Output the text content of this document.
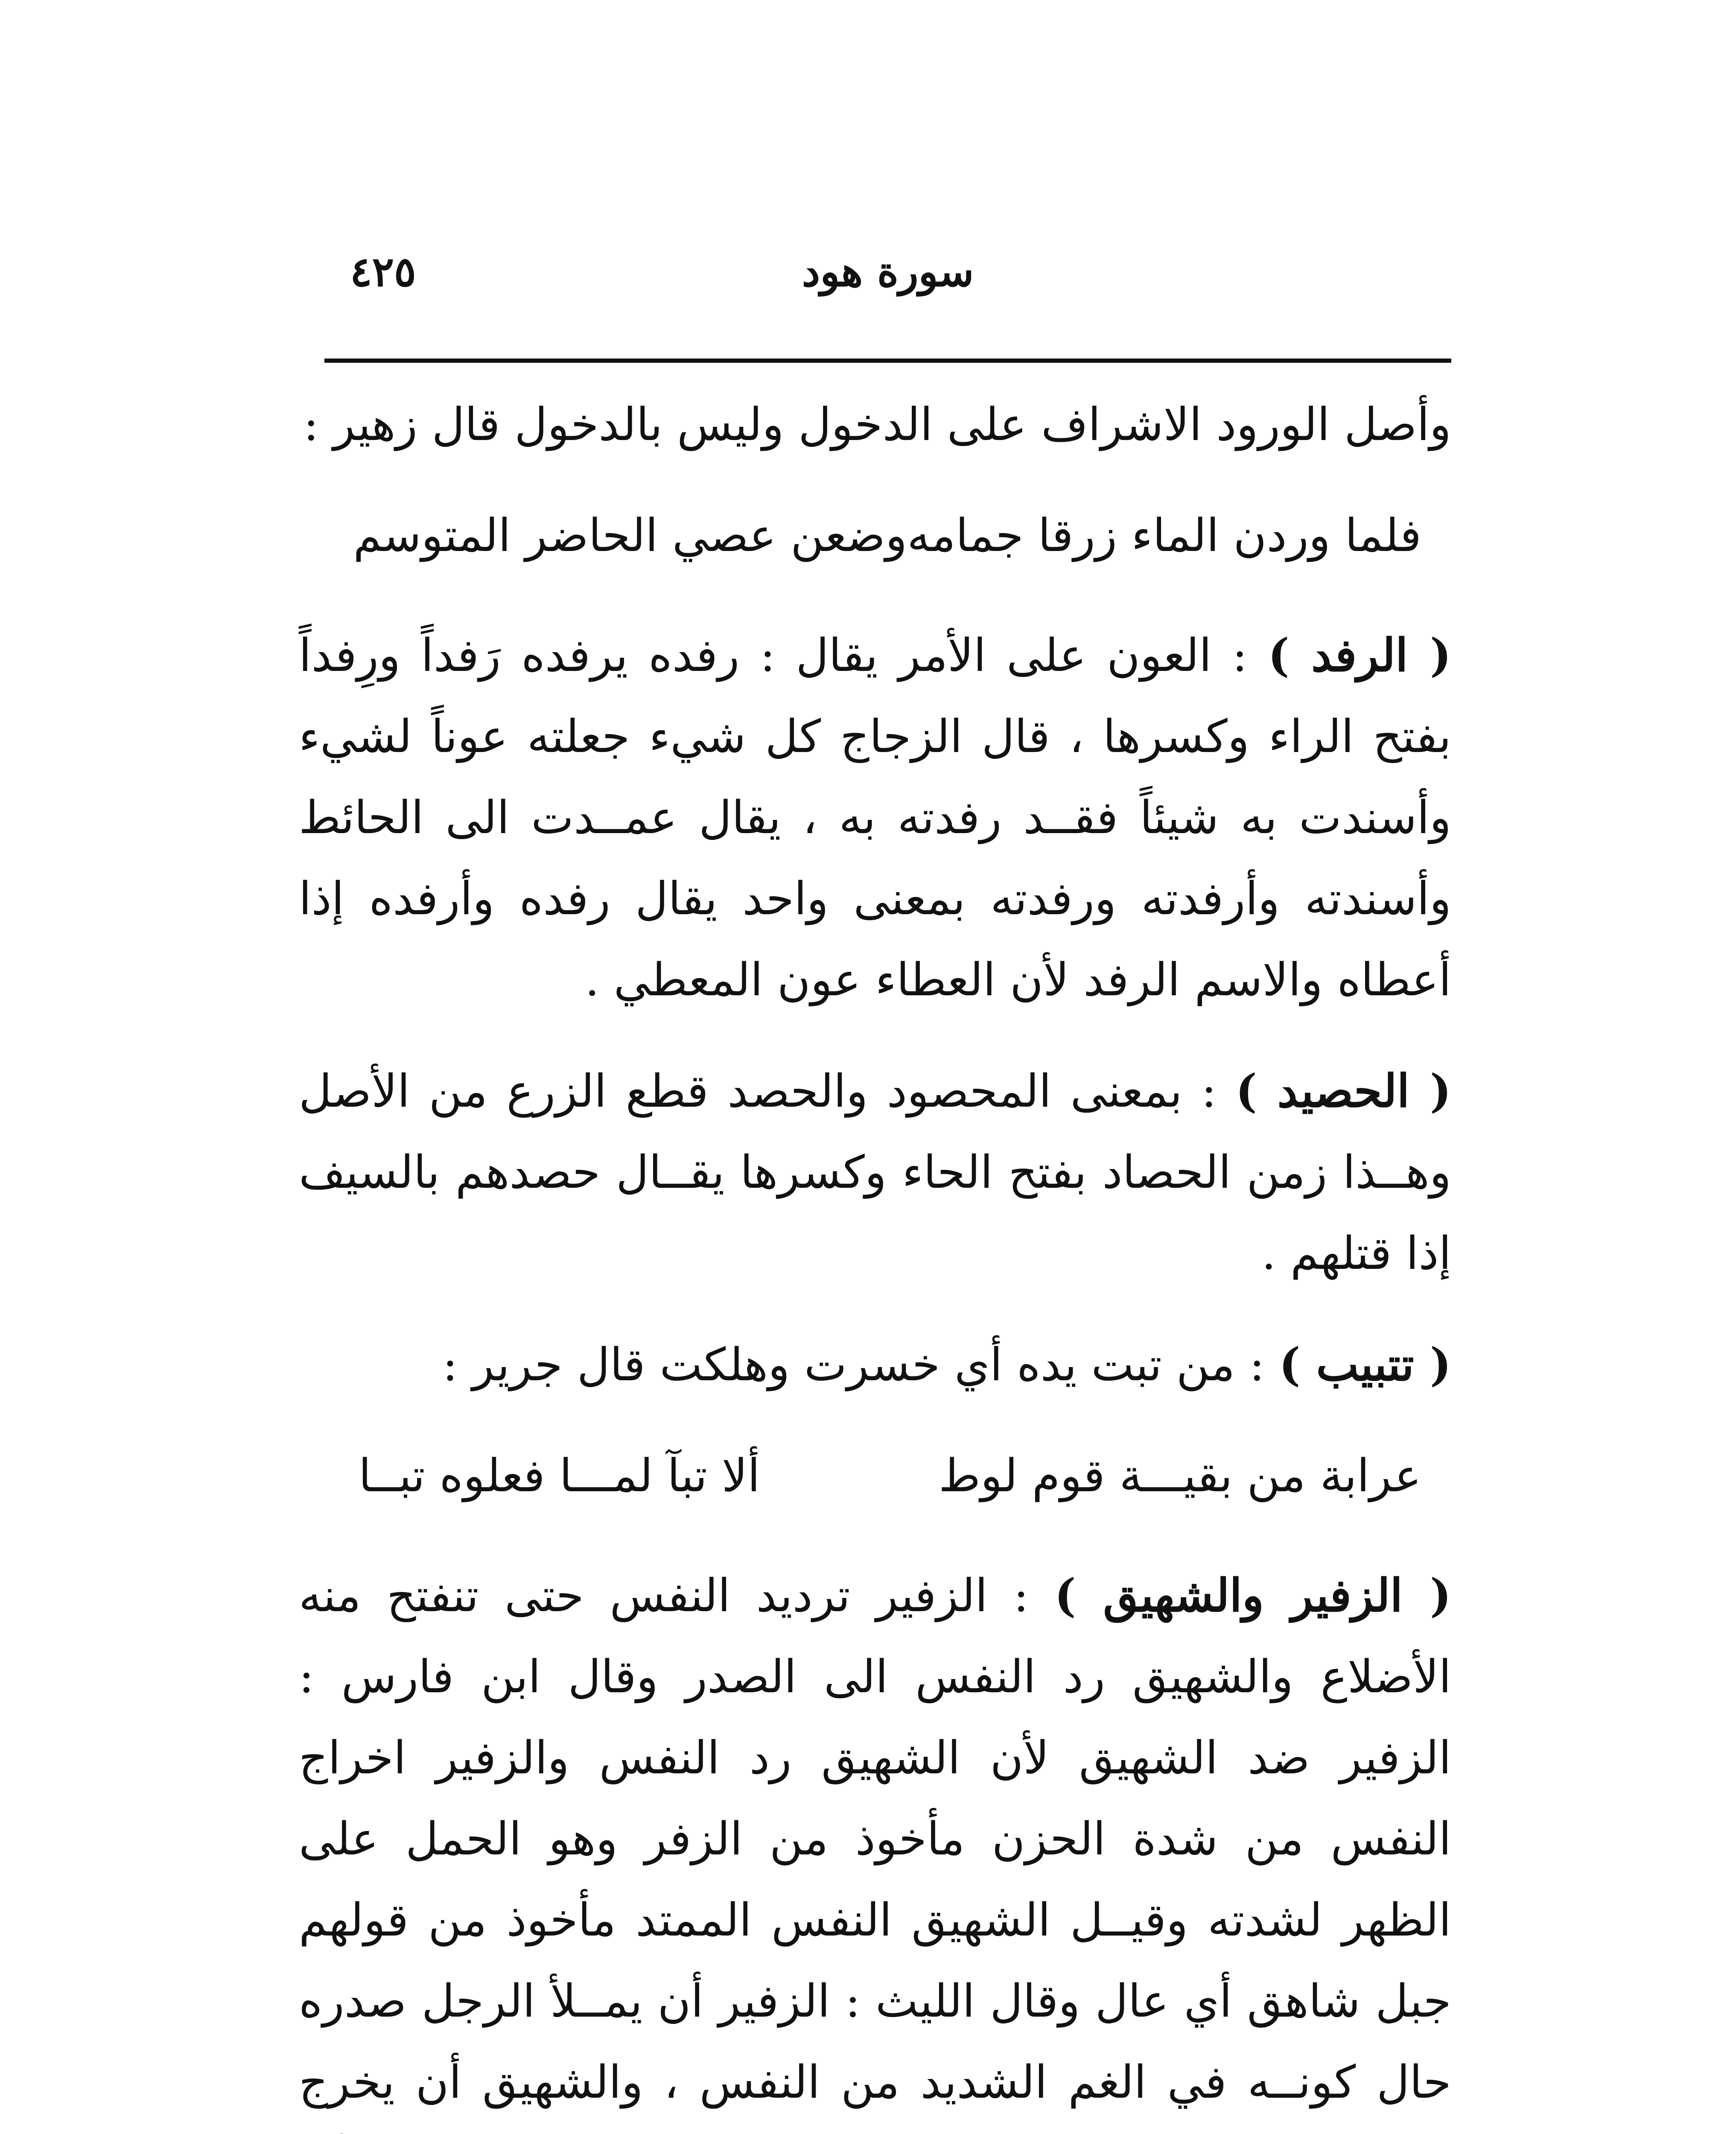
٤٢٥	سورة هود

وأصل الورود الاشراف على الدخول وليس بالدخول قال زهير :

فلما وردن الماء زرقا جمامه
وضعن عصي الحاضر المتوسم

( الرفد ) : العون على الأمر يقال : رفده يرفده رَفداً ورِفداً بفتح الراء وكسرها ، قال الزجاج كل شيء جعلته عوناً لشيء وأسندت به شيئاً فقــد رفدته به ، يقال عمــدت الى الحائط وأسندته وأرفدته ورفدته بمعنى واحد يقال رفده وأرفده إذا أعطاه والاسم الرفد لأن العطاء عون المعطي .

( الحصيد ) : بمعنى المحصود والحصد قطع الزرع من الأصل وهــذا زمن الحصاد بفتح الحاء وكسرها يقــال حصدهم بالسيف إذا قتلهم .

( تتبيب ) : من تبت يده أي خسرت وهلكت قال جرير :

عرابة من بقيـــة قوم لوط
ألا تبآ لمـــا فعلوه تبــا

( الزفير والشهيق ) : الزفير ترديد النفس حتى تنفتح منه الأضلاع والشهيق رد النفس الى الصدر وقال ابن فارس : الزفير ضد الشهيق لأن الشهيق رد النفس والزفير اخراج النفس من شدة الحزن مأخوذ من الزفر وهو الحمل على الظهر لشدته وقيــل الشهيق النفس الممتد مأخوذ من قولهم جبل شاهق أي عال وقال الليث : الزفير أن يمــلأ الرجل صدره حال كونــه في الغم الشديد من النفس ، والشهيق أن يخرج
